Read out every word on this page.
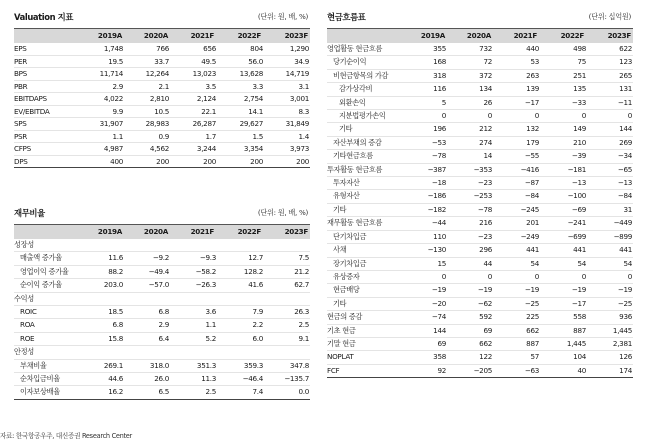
Valuation 지표	(단위: 원, 배, %)
2019A	2020A	2021F	2022F	2023F
EPS	1,748	766	656	804	1,290
PER	19.5	33.7	49.5	56.0	34.9
BPS	11,714	12,264	13,023	13,628	14,719
PBR	2.9	2.1	3.5	3.3	3.1
EBITDAPS	4,022	2,810	2,124	2,754	3,001
EV/EBITDA	9.9	10.5	22.1	14.1	8.3
SPS	31,907	28,983	26,287	29,627	31,849
PSR	1.1	0.9	1.7	1.5	1.4
CFPS	4,987	4,562	3,244	3,354	3,973
DPS	400	200	200	200	200
재무비율	(단위: 원, 배, %)
2019A	2020A	2021F	2022F	2023F
성장성					
매출액 증가율	11.6	−9.2	−9.3	12.7	7.5
영업이익 증가율	88.2	−49.4	−58.2	128.2	21.2
순이익 증가율	203.0	−57.0	−26.3	41.6	62.7
수익성					
ROIC	18.5	6.8	3.6	7.9	26.3
ROA	6.8	2.9	1.1	2.2	2.5
ROE	15.8	6.4	5.2	6.0	9.1
안정성					
부채비율	269.1	318.0	351.3	359.3	347.8
순차입금비율	44.6	26.0	11.3	−46.4	−135.7
이자보상배율	16.2	6.5	2.5	7.4	0.0
현금흐름표	(단위: 십억원)
2019A	2020A	2021F	2022F	2023F
영업활동 현금흐름	355	732	440	498	622
당기순이익	168	72	53	75	123
비현금항목의 가감	318	372	263	251	265
감가상각비	116	134	139	135	131
외환손익	5	26	−17	−33	−11
지분법평가손익	0	0	0	0	0
기타	196	212	132	149	144
자산부채의 증감	−53	274	179	210	269
기타현금흐름	−78	14	−55	−39	−34
투자활동 현금흐름	−387	−353	−416	−181	−65
투자자산	−18	−23	−87	−13	−13
유형자산	−186	−253	−84	−100	−84
기타	−182	−78	−245	−69	31
재무활동 현금흐름	−44	216	201	−241	−449
단기차입금	110	−23	−249	−699	−899
사채	−130	296	441	441	441
장기차입금	15	44	54	54	54
유상증자	0	0	0	0	0
현금배당	−19	−19	−19	−19	−19
기타	−20	−62	−25	−17	−25
현금의 증감	−74	592	225	558	936
기초 현금	144	69	662	887	1,445
기말 현금	69	662	887	1,445	2,381
NOPLAT	358	122	57	104	126
FCF	92	−205	−63	40	174
자료: 한국항공우주, 대신증권 Research Center
